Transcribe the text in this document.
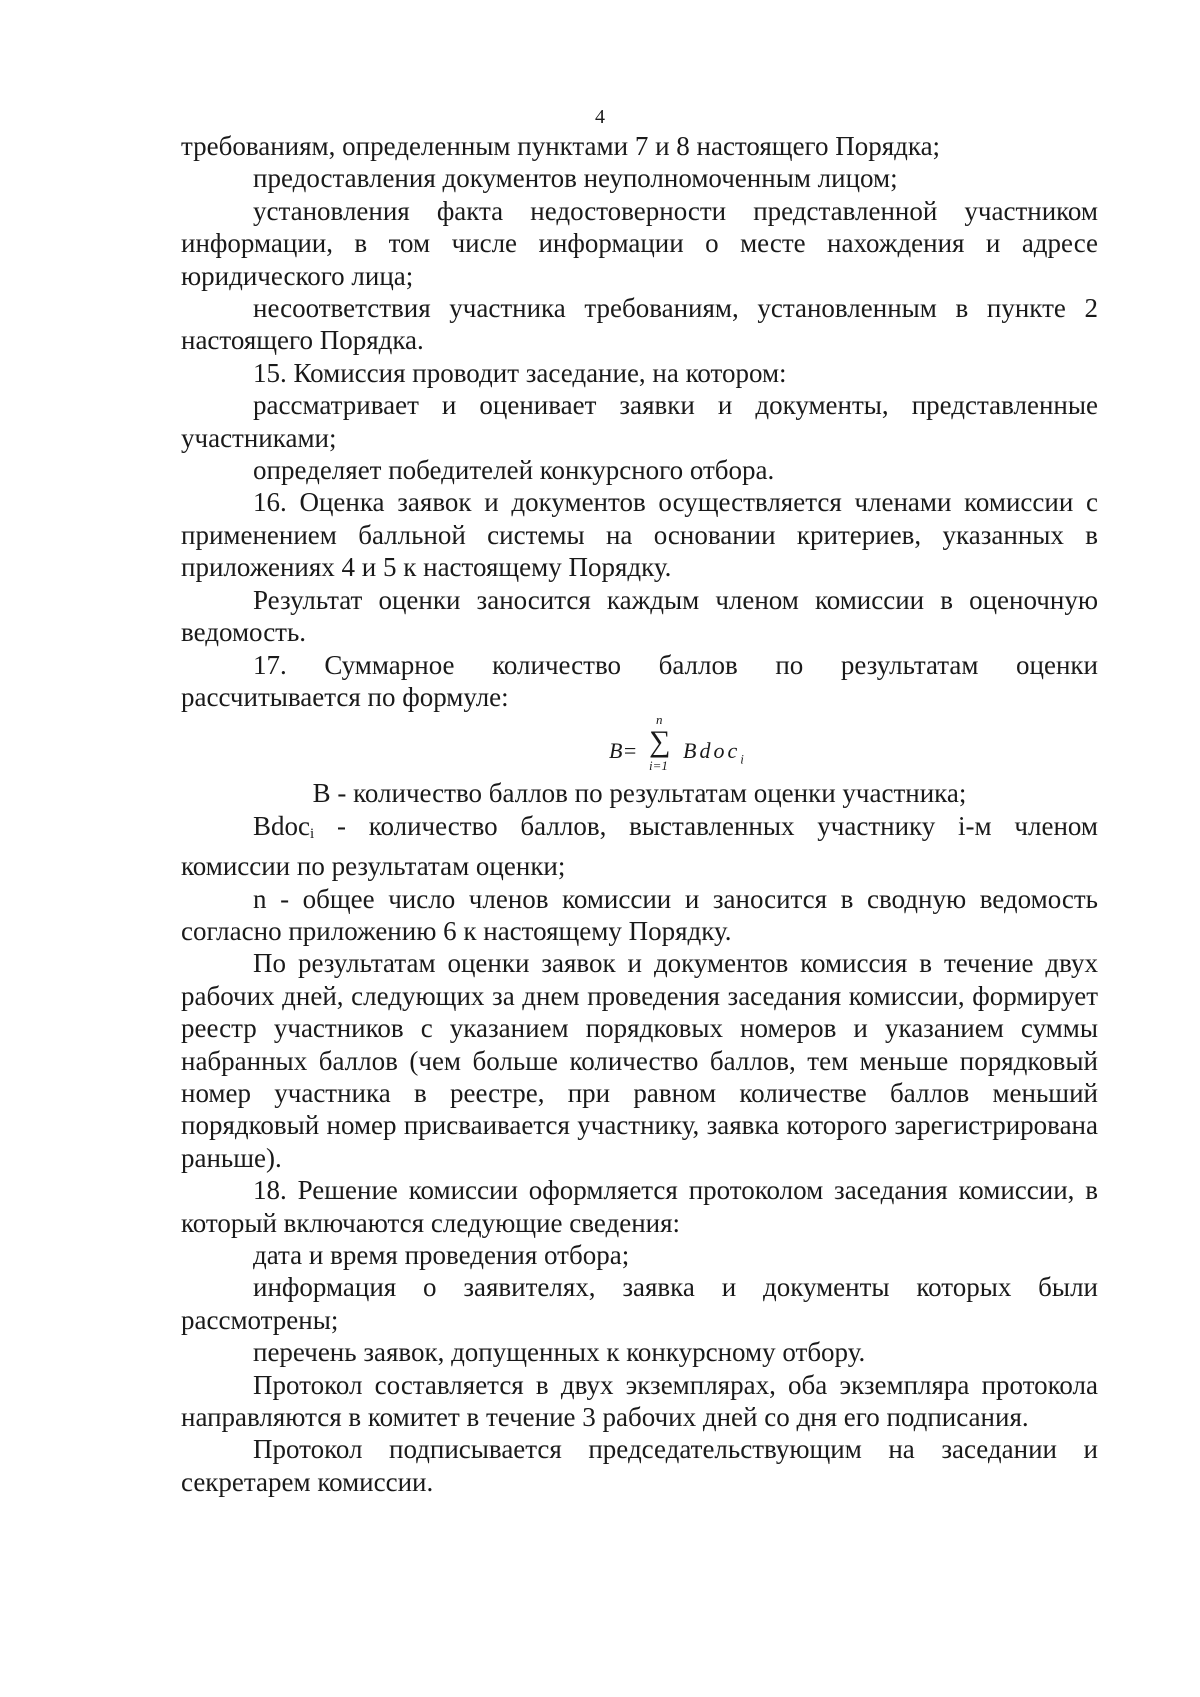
4

требованиям, определенным пунктами 7 и 8 настоящего Порядка;

предоставления документов неуполномоченным лицом;

установления факта недостоверности представленной участником информации, в том числе информации о месте нахождения и адресе юридического лица;

несоответствия участника требованиям, установленным в пункте 2 настоящего Порядка.

15. Комиссия проводит заседание, на котором:

рассматривает и оценивает заявки и документы, представленные участниками;

определяет победителей конкурсного отбора.

16. Оценка заявок и документов осуществляется членами комиссии с применением балльной системы на основании критериев, указанных в приложениях 4 и 5 к настоящему Порядку.

Результат оценки заносится каждым членом комиссии в оценочную ведомость.

17. Суммарное количество баллов по результатам оценки рассчитывается по формуле:

B=
n
∑
i=1
Bdoc$_i$

В - количество баллов по результатам оценки участника;

Bdoc$_i$ - количество баллов, выставленных участнику i-м членом комиссии по результатам оценки;

n - общее число членов комиссии и заносится в сводную ведомость согласно приложению 6 к настоящему Порядку.

По результатам оценки заявок и документов комиссия в течение двух рабочих дней, следующих за днем проведения заседания комиссии, формирует реестр участников с указанием порядковых номеров и указанием суммы набранных баллов (чем больше количество баллов, тем меньше порядковый номер участника в реестре, при равном количестве баллов меньший порядковый номер присваивается участнику, заявка которого зарегистрирована раньше).

18. Решение комиссии оформляется протоколом заседания комиссии, в который включаются следующие сведения:

дата и время проведения отбора;

информация о заявителях, заявка и документы которых были рассмотрены;

перечень заявок, допущенных к конкурсному отбору.

Протокол составляется в двух экземплярах, оба экземпляра протокола направляются в комитет в течение 3 рабочих дней со дня его подписания.

Протокол подписывается председательствующим на заседании и секретарем комиссии.
